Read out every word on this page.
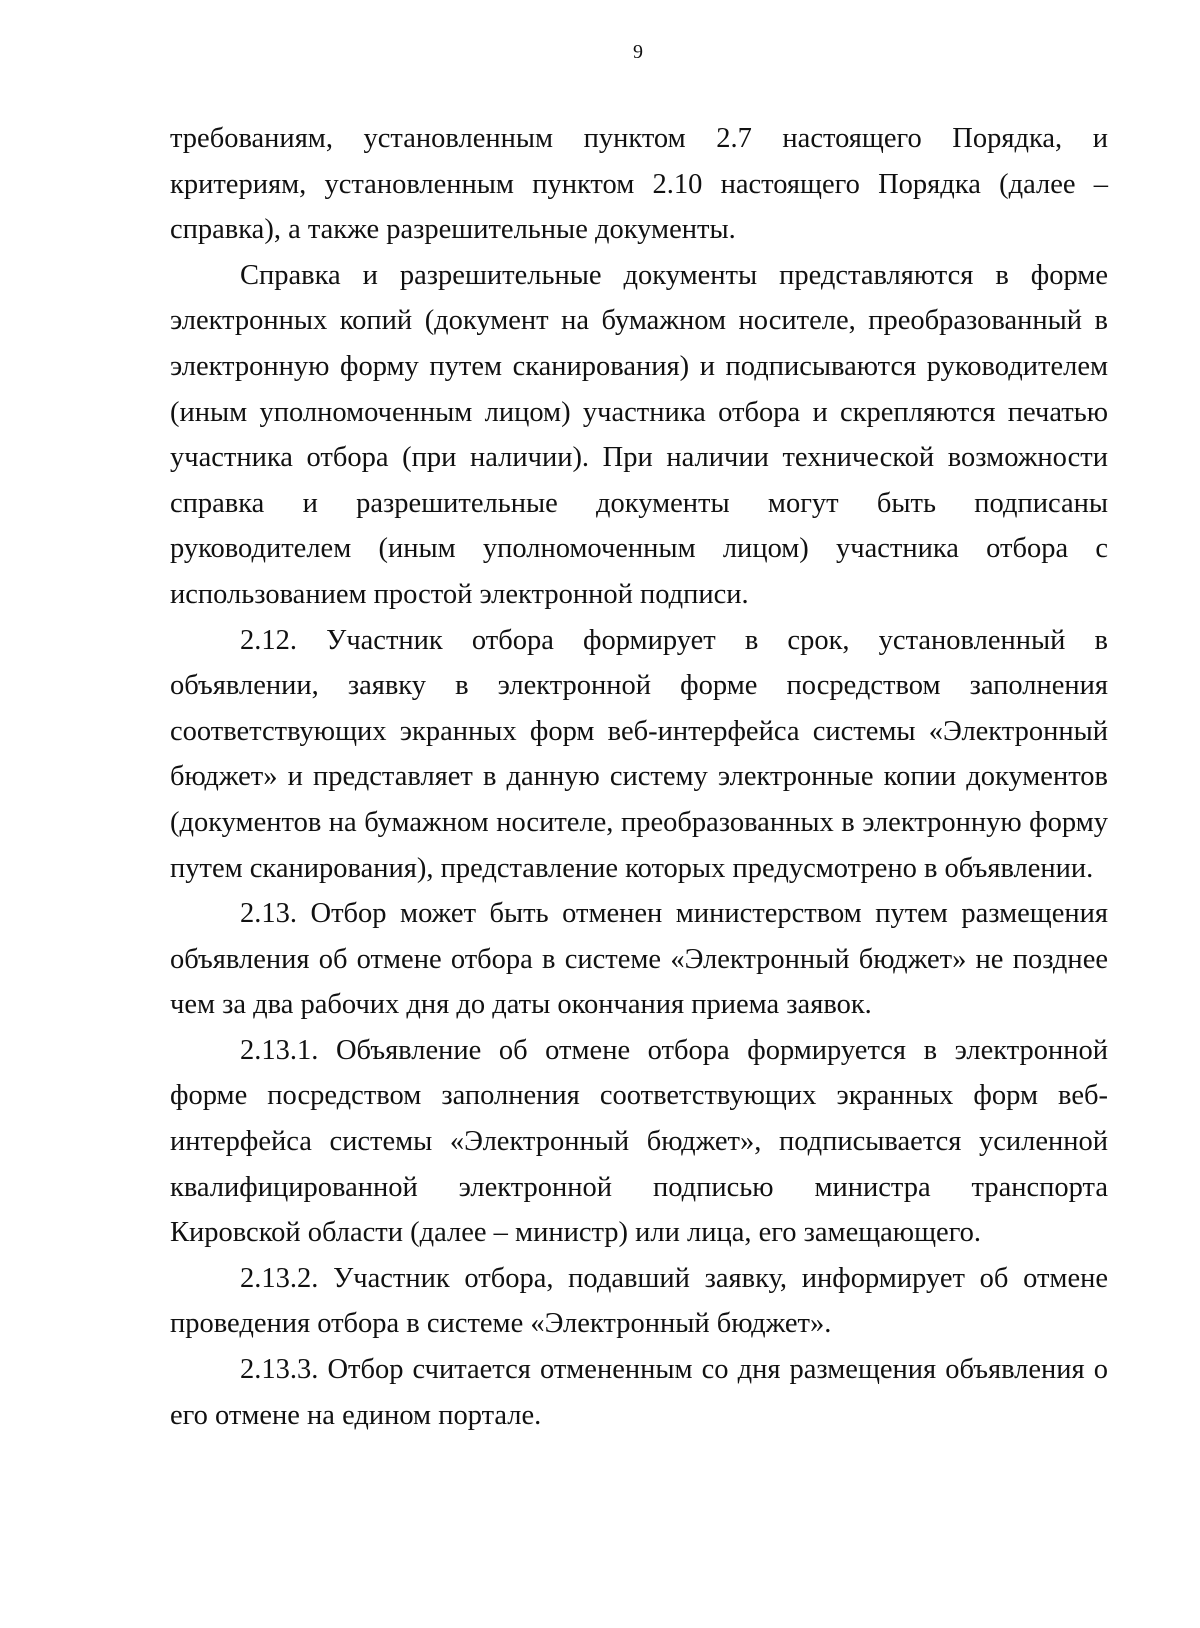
9

требованиям, установленным пунктом 2.7 настоящего Порядка, и критериям, установленным пунктом 2.10 настоящего Порядка (далее – справка), а также разрешительные документы.

Справка и разрешительные документы представляются в форме электронных копий (документ на бумажном носителе, преобразованный в электронную форму путем сканирования) и подписываются руководителем (иным уполномоченным лицом) участника отбора и скрепляются печатью участника отбора (при наличии). При наличии технической возможности справка и разрешительные документы могут быть подписаны руководителем (иным уполномоченным лицом) участника отбора с использованием простой электронной подписи.

2.12. Участник отбора формирует в срок, установленный в объявлении, заявку в электронной форме посредством заполнения соответствующих экранных форм веб-интерфейса системы «Электронный бюджет» и представляет в данную систему электронные копии документов (документов на бумажном носителе, преобразованных в электронную форму путем сканирования), представление которых предусмотрено в объявлении.

2.13. Отбор может быть отменен министерством путем размещения объявления об отмене отбора в системе «Электронный бюджет» не позднее чем за два рабочих дня до даты окончания приема заявок.

2.13.1. Объявление об отмене отбора формируется в электронной форме посредством заполнения соответствующих экранных форм веб-интерфейса системы «Электронный бюджет», подписывается усиленной квалифицированной электронной подписью министра транспорта Кировской области (далее – министр) или лица, его замещающего.

2.13.2. Участник отбора, подавший заявку, информирует об отмене проведения отбора в системе «Электронный бюджет».

2.13.3. Отбор считается отмененным со дня размещения объявления о его отмене на едином портале.
